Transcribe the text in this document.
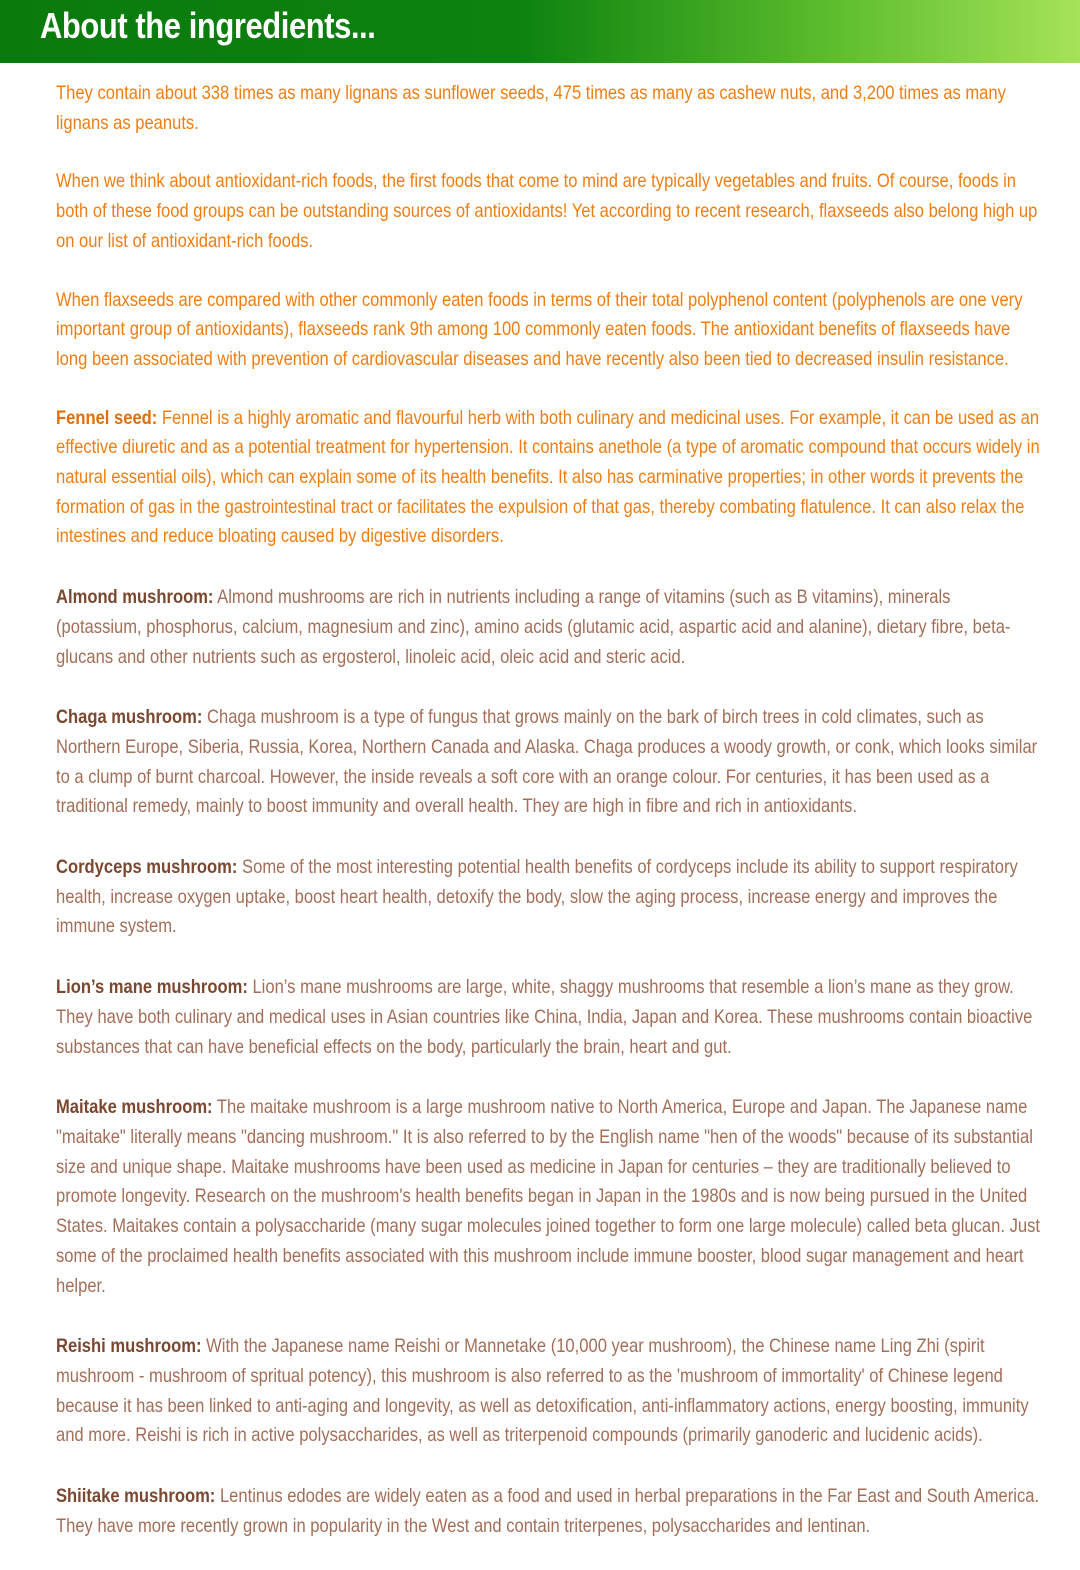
About the ingredients...

They contain about 338 times as many lignans as sunflower seeds, 475 times as many as cashew nuts, and 3,200 times as many lignans as peanuts.

When we think about antioxidant-rich foods, the first foods that come to mind are typically vegetables and fruits. Of course, foods in both of these food groups can be outstanding sources of antioxidants! Yet according to recent research, flaxseeds also belong high up on our list of antioxidant-rich foods.

When flaxseeds are compared with other commonly eaten foods in terms of their total polyphenol content (polyphenols are one very important group of antioxidants), flaxseeds rank 9th among 100 commonly eaten foods. The antioxidant benefits of flaxseeds have long been associated with prevention of cardiovascular diseases and have recently also been tied to decreased insulin resistance.

Fennel seed: Fennel is a highly aromatic and flavourful herb with both culinary and medicinal uses. For example, it can be used as an effective diuretic and as a potential treatment for hypertension. It contains anethole (a type of aromatic compound that occurs widely in natural essential oils), which can explain some of its health benefits. It also has carminative properties; in other words it prevents the formation of gas in the gastrointestinal tract or facilitates the expulsion of that gas, thereby combating flatulence. It can also relax the intestines and reduce bloating caused by digestive disorders.

Almond mushroom: Almond mushrooms are rich in nutrients including a range of vitamins (such as B vitamins), minerals (potassium, phosphorus, calcium, magnesium and zinc), amino acids (glutamic acid, aspartic acid and alanine), dietary fibre, beta-glucans and other nutrients such as ergosterol, linoleic acid, oleic acid and steric acid.

Chaga mushroom: Chaga mushroom is a type of fungus that grows mainly on the bark of birch trees in cold climates, such as Northern Europe, Siberia, Russia, Korea, Northern Canada and Alaska. Chaga produces a woody growth, or conk, which looks similar to a clump of burnt charcoal. However, the inside reveals a soft core with an orange colour. For centuries, it has been used as a traditional remedy, mainly to boost immunity and overall health. They are high in fibre and rich in antioxidants.

Cordyceps mushroom: Some of the most interesting potential health benefits of cordyceps include its ability to support respiratory health, increase oxygen uptake, boost heart health, detoxify the body, slow the aging process, increase energy and improves the immune system.

Lion’s mane mushroom: Lion’s mane mushrooms are large, white, shaggy mushrooms that resemble a lion’s mane as they grow. They have both culinary and medical uses in Asian countries like China, India, Japan and Korea. These mushrooms contain bioactive substances that can have beneficial effects on the body, particularly the brain, heart and gut.

Maitake mushroom: The maitake mushroom is a large mushroom native to North America, Europe and Japan. The Japanese name "maitake" literally means "dancing mushroom." It is also referred to by the English name "hen of the woods" because of its substantial size and unique shape. Maitake mushrooms have been used as medicine in Japan for centuries – they are traditionally believed to promote longevity. Research on the mushroom's health benefits began in Japan in the 1980s and is now being pursued in the United States. Maitakes contain a polysaccharide (many sugar molecules joined together to form one large molecule) called beta glucan. Just some of the proclaimed health benefits associated with this mushroom include immune booster, blood sugar management and heart helper.

Reishi mushroom: With the Japanese name Reishi or Mannetake (10,000 year mushroom), the Chinese name Ling Zhi (spirit mushroom - mushroom of spritual potency), this mushroom is also referred to as the 'mushroom of immortality' of Chinese legend because it has been linked to anti-aging and longevity, as well as detoxification, anti-inflammatory actions, energy boosting, immunity and more. Reishi is rich in active polysaccharides, as well as triterpenoid compounds (primarily ganoderic and lucidenic acids).

Shiitake mushroom: Lentinus edodes are widely eaten as a food and used in herbal preparations in the Far East and South America. They have more recently grown in popularity in the West and contain triterpenes, polysaccharides and lentinan.
